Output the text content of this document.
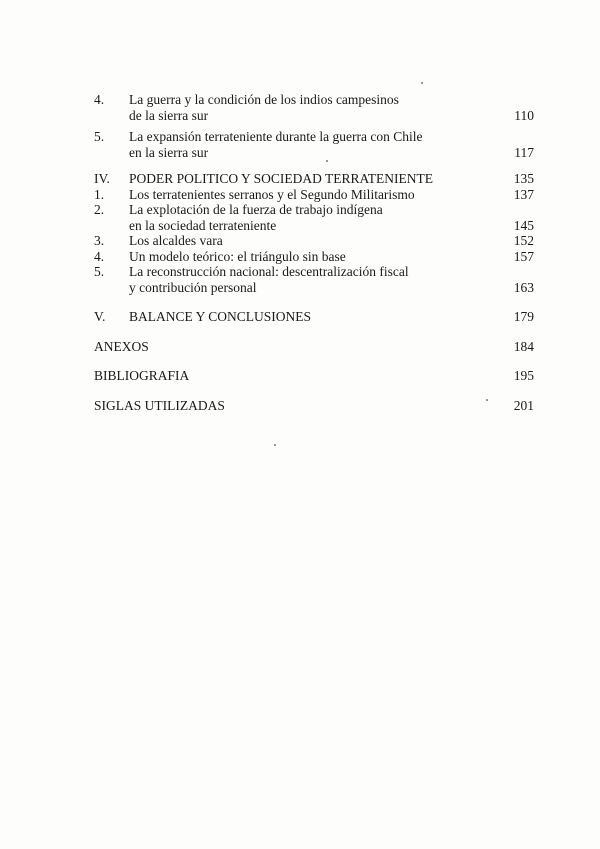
4. La guerra y la condición de los indios campesinos
de la sierra sur	110
5. La expansión terrateniente durante la guerra con Chile
en la sierra sur	117
IV. PODER POLITICO Y SOCIEDAD TERRATENIENTE	135
1. Los terratenientes serranos y el Segundo Militarismo	137
2. La explotación de la fuerza de trabajo indígena
en la sociedad terrateniente	145
3. Los alcaldes vara	152
4. Un modelo teórico: el triángulo sin base	157
5. La reconstrucción nacional: descentralización fiscal
y contribución personal	163
V. BALANCE Y CONCLUSIONES	179
ANEXOS	184
BIBLIOGRAFIA	195
SIGLAS UTILIZADAS	201
